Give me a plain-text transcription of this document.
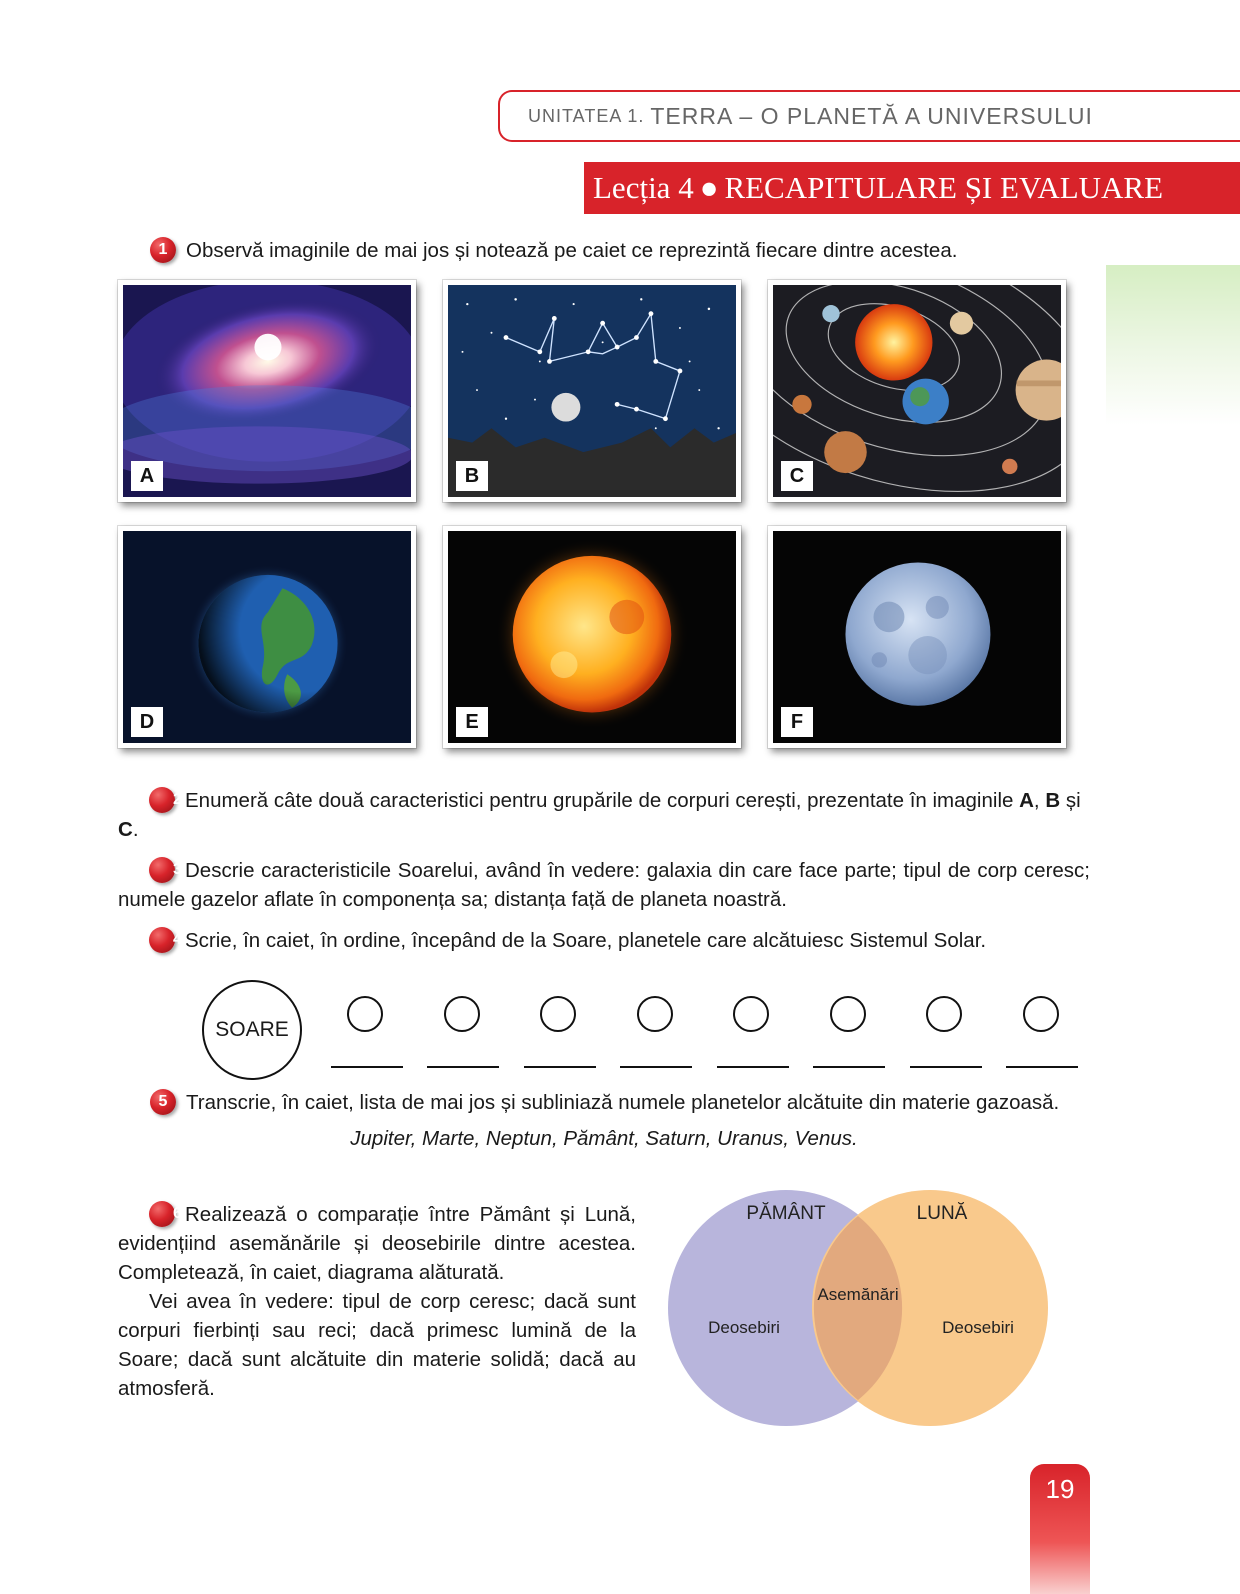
UNITATEA 1. TERRA – O PLANETĂ A UNIVERSULUI
Lecția 4 ● RECAPITULARE ȘI EVALUARE
1 Observă imaginile de mai jos și notează pe caiet ce reprezintă fiecare dintre acestea.
A	B	C
D	E	F
2 Enumeră câte două caracteristici pentru grupările de corpuri cerești, prezentate în imaginile A, B și C.
3 Descrie caracteristicile Soarelui, având în vedere: galaxia din care face parte; tipul de corp ceresc; numele gazelor aflate în componența sa; distanța față de planeta noastră.
4 Scrie, în caiet, în ordine, începând de la Soare, planetele care alcătuiesc Sistemul Solar.
SOARE
5 Transcrie, în caiet, lista de mai jos și subliniază numele planetelor alcătuite din materie gazoasă.
Jupiter, Marte, Neptun, Pământ, Saturn, Uranus, Venus.
6 Realizează o comparație între Pământ și Lună, evidențiind asemănările și deosebirile dintre acestea. Completează, în caiet, diagrama alăturată.
Vei avea în vedere: tipul de corp ceresc; dacă sunt corpuri fierbinți sau reci; dacă primesc lumină de la Soare; dacă sunt alcătuite din materie solidă; dacă au atmosferă.
PĂMÂNT	LUNĂ
Asemănări
Deosebiri	Deosebiri
19
